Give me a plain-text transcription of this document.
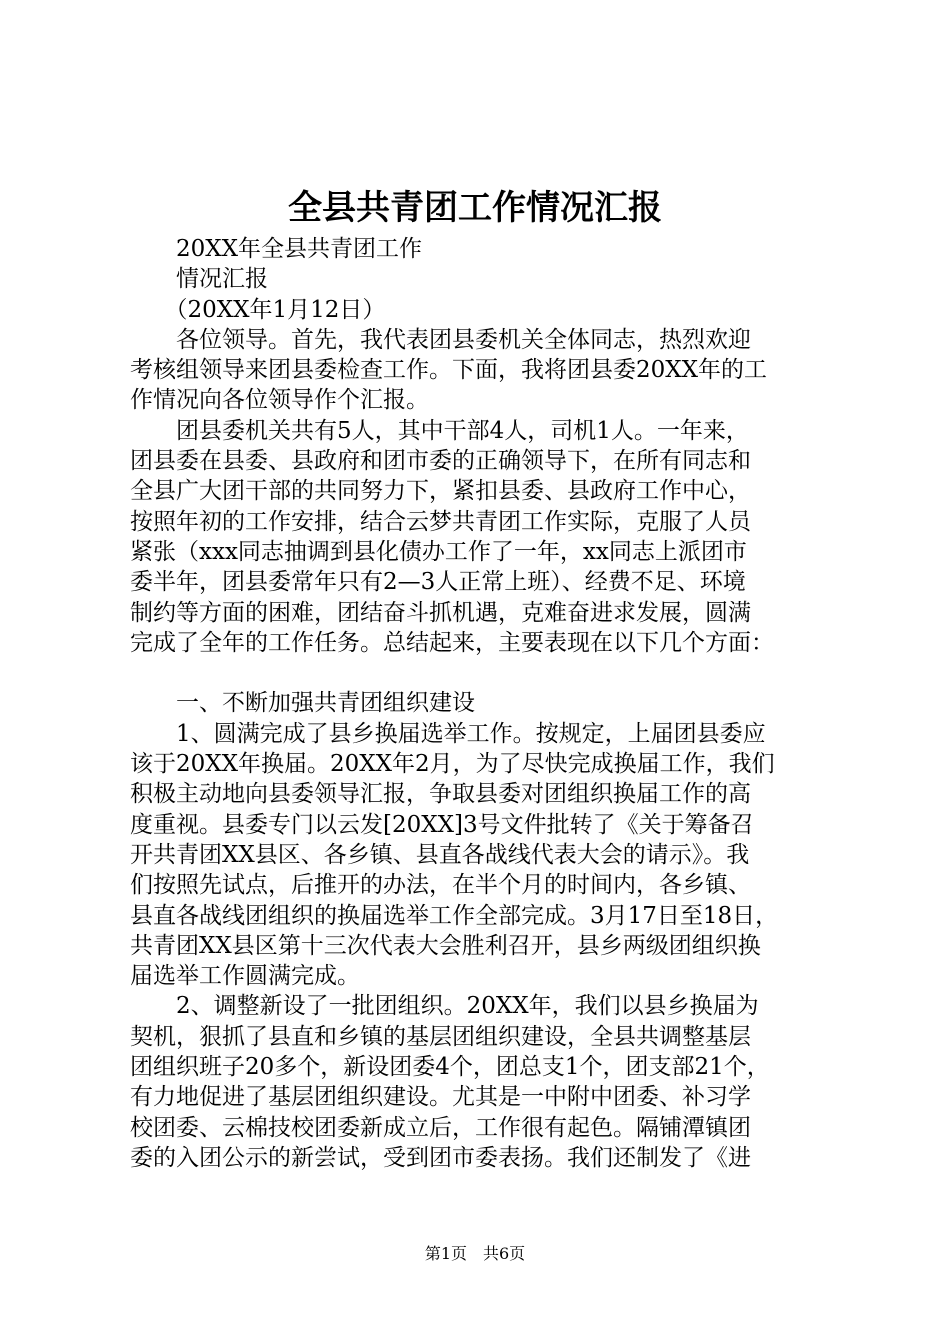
全县共青团工作情况汇报
　　20XX年全县共青团工作
　　情况汇报
　　（20XX年1月12日）
　　各位领导。首先，我代表团县委机关全体同志，热烈欢迎
考核组领导来团县委检查工作。下面，我将团县委20XX年的工
作情况向各位领导作个汇报。
　　团县委机关共有5人，其中干部4人，司机1人。一年来，
团县委在县委、县政府和团市委的正确领导下，在所有同志和
全县广大团干部的共同努力下，紧扣县委、县政府工作中心，
按照年初的工作安排，结合云梦共青团工作实际，克服了人员
紧张（xxx同志抽调到县化债办工作了一年，xx同志上派团市
委半年，团县委常年只有2—3人正常上班）、经费不足、环境
制约等方面的困难，团结奋斗抓机遇，克难奋进求发展，圆满
完成了全年的工作任务。总结起来，主要表现在以下几个方面：
　　一、不断加强共青团组织建设
　　1、圆满完成了县乡换届选举工作。按规定，上届团县委应
该于20XX年换届。20XX年2月，为了尽快完成换届工作，我们
积极主动地向县委领导汇报，争取县委对团组织换届工作的高
度重视。县委专门以云发[20XX]3号文件批转了《关于筹备召
开共青团XX县区、各乡镇、县直各战线代表大会的请示》。我
们按照先试点，后推开的办法，在半个月的时间内，各乡镇、
县直各战线团组织的换届选举工作全部完成。3月17日至18日，
共青团XX县区第十三次代表大会胜利召开，县乡两级团组织换
届选举工作圆满完成。
　　2、调整新设了一批团组织。20XX年，我们以县乡换届为
契机，狠抓了县直和乡镇的基层团组织建设，全县共调整基层
团组织班子20多个，新设团委4个，团总支1个，团支部21个，
有力地促进了基层团组织建设。尤其是一中附中团委、补习学
校团委、云棉技校团委新成立后，工作很有起色。隔铺潭镇团
委的入团公示的新尝试，受到团市委表扬。我们还制发了《进
第1页　共6页
